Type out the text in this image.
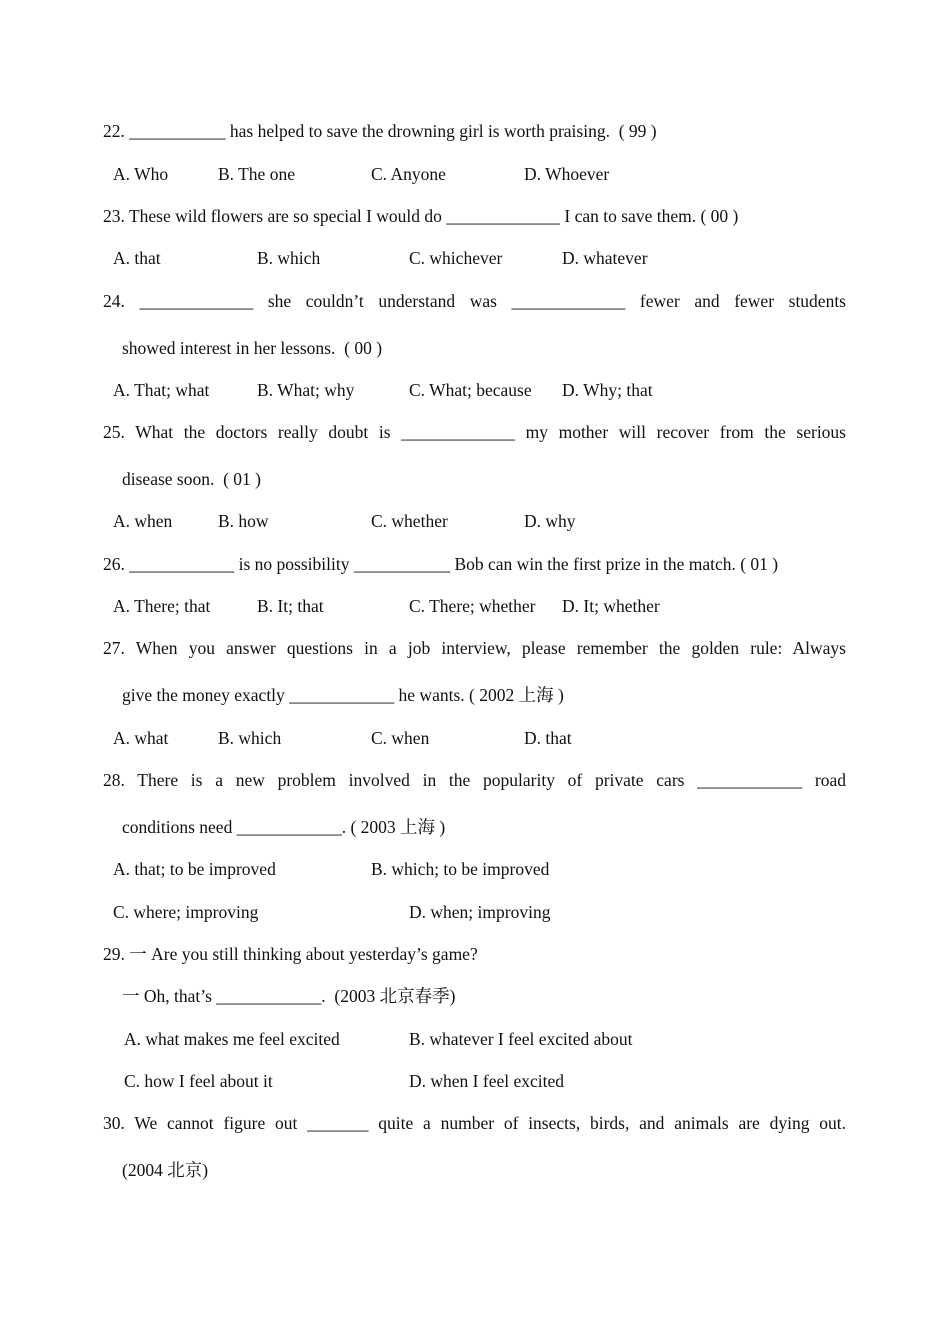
22. ___________ has helped to save the drowning girl is worth praising.  ( 99 )
A. Who	B. The one	C. Anyone	D. Whoever
23. These wild flowers are so special I would do _____________ I can to save them. ( 00 )
A. that	B. which	C. whichever	D. whatever
24. _____________ she couldn’t understand was _____________ fewer and fewer students
showed interest in her lessons.  ( 00 )
A. That; what	B. What; why	C. What; because D. Why; that
25. What the doctors really doubt is _____________ my mother will recover from the serious
disease soon.  ( 01 )
A. when	B. how	C. whether	D. why
26. ____________ is no possibility ___________ Bob can win the first prize in the match. ( 01 )
A. There; that	B. It; that	C. There; whether D. It; whether
27. When you answer questions in a job interview, please remember the golden rule: Always
give the money exactly ____________ he wants. ( 2002 上海 )
A. what	B. which	C. when	D. that
28. There is a new problem involved in the popularity of private cars ____________ road
conditions need ____________. ( 2003 上海 )
A. that; to be improved	B. which; to be improved
C. where; improving	D. when; improving
29. 一 Are you still thinking about yesterday’s game?
一 Oh, that’s ____________.  (2003 北京春季)
A. what makes me feel excited	B. whatever I feel excited about
C. how I feel about it	D. when I feel excited
30. We cannot figure out _______ quite a number of insects, birds, and animals are dying out.
(2004 北京)
